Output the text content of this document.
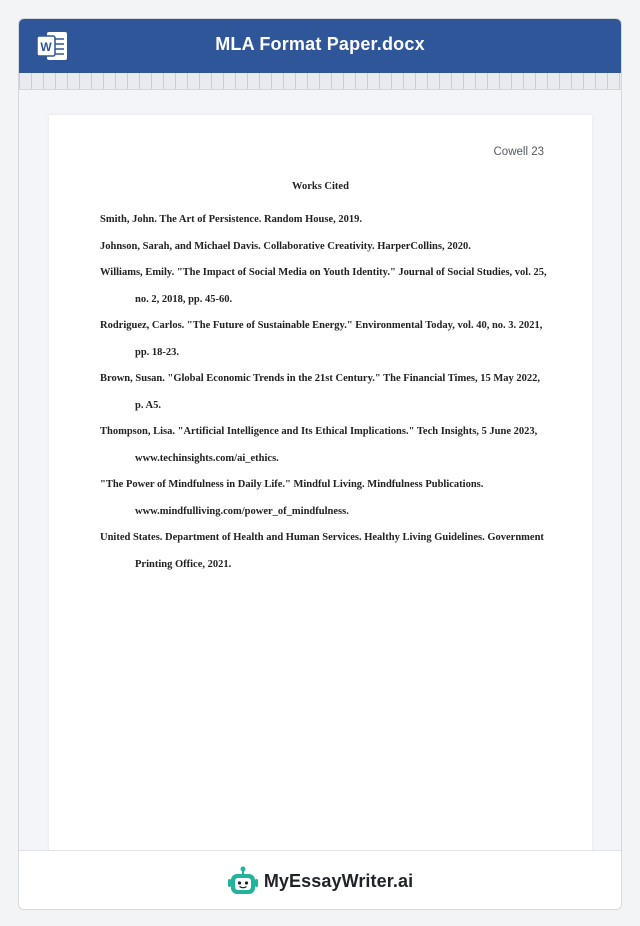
W	MLA Format Paper.docx
Cowell 23
Works Cited

Smith, John. The Art of Persistence. Random House, 2019.

Johnson, Sarah, and Michael Davis. Collaborative Creativity. HarperCollins, 2020.

Williams, Emily. "The Impact of Social Media on Youth Identity." Journal of Social Studies, vol. 25, no. 2, 2018, pp. 45-60.

Rodriguez, Carlos. "The Future of Sustainable Energy." Environmental Today, vol. 40, no. 3. 2021, pp. 18-23.

Brown, Susan. "Global Economic Trends in the 21st Century." The Financial Times, 15 May 2022, p. A5.

Thompson, Lisa. "Artificial Intelligence and Its Ethical Implications." Tech Insights, 5 June 2023, www.techinsights.com/ai_ethics.

"The Power of Mindfulness in Daily Life." Mindful Living. Mindfulness Publications. www.mindfulliving.com/power_of_mindfulness.

United States. Department of Health and Human Services. Healthy Living Guidelines. Government Printing Office, 2021.

MyEssayWriter.ai
